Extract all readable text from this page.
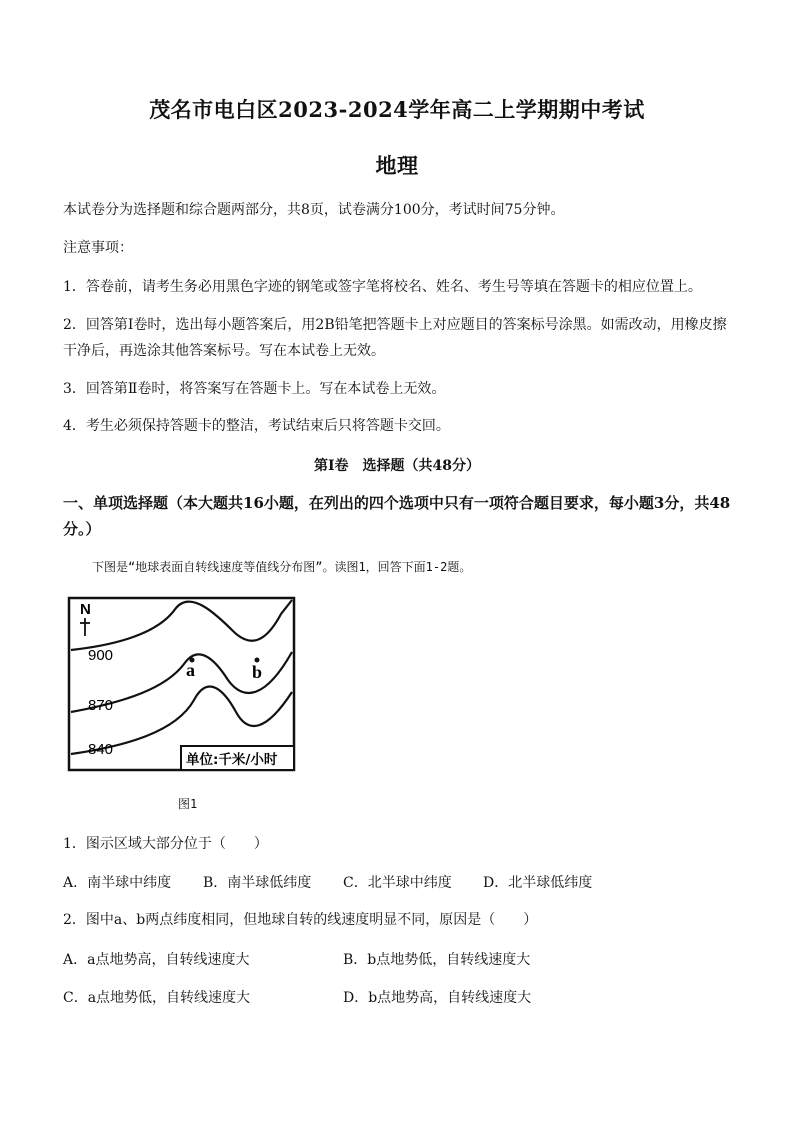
茂名市电白区2023-2024学年高二上学期期中考试
地理
本试卷分为选择题和综合题两部分，共8页，试卷满分100分，考试时间75分钟。
注意事项：
1．答卷前，请考生务必用黑色字迹的钢笔或签字笔将校名、姓名、考生号等填在答题卡的相应位置上。
2．回答第Ⅰ卷时，选出每小题答案后，用2B铅笔把答题卡上对应题目的答案标号涂黑。如需改动，用橡皮擦干净后，再选涂其他答案标号。写在本试卷上无效。
3．回答第Ⅱ卷时，将答案写在答题卡上。写在本试卷上无效。
4．考生必须保持答题卡的整洁，考试结束后只将答题卡交回。
第Ⅰ卷　选择题（共48分）
一、单项选择题（本大题共16小题，在列出的四个选项中只有一项符合题目要求，每小题3分，共48分。）
下图是“地球表面自转线速度等值线分布图”。读图1，回答下面1-2题。
N
900
870
840
a	b
单位:千米/小时
图1
1．图示区域大部分位于（　　）
A．南半球中纬度 B．南半球低纬度 C．北半球中纬度 D．北半球低纬度
2．图中a、b两点纬度相同，但地球自转的线速度明显不同，原因是（　　）
A．a点地势高，自转线速度大	B．b点地势低，自转线速度大
C．a点地势低，自转线速度大	D．b点地势高，自转线速度大
